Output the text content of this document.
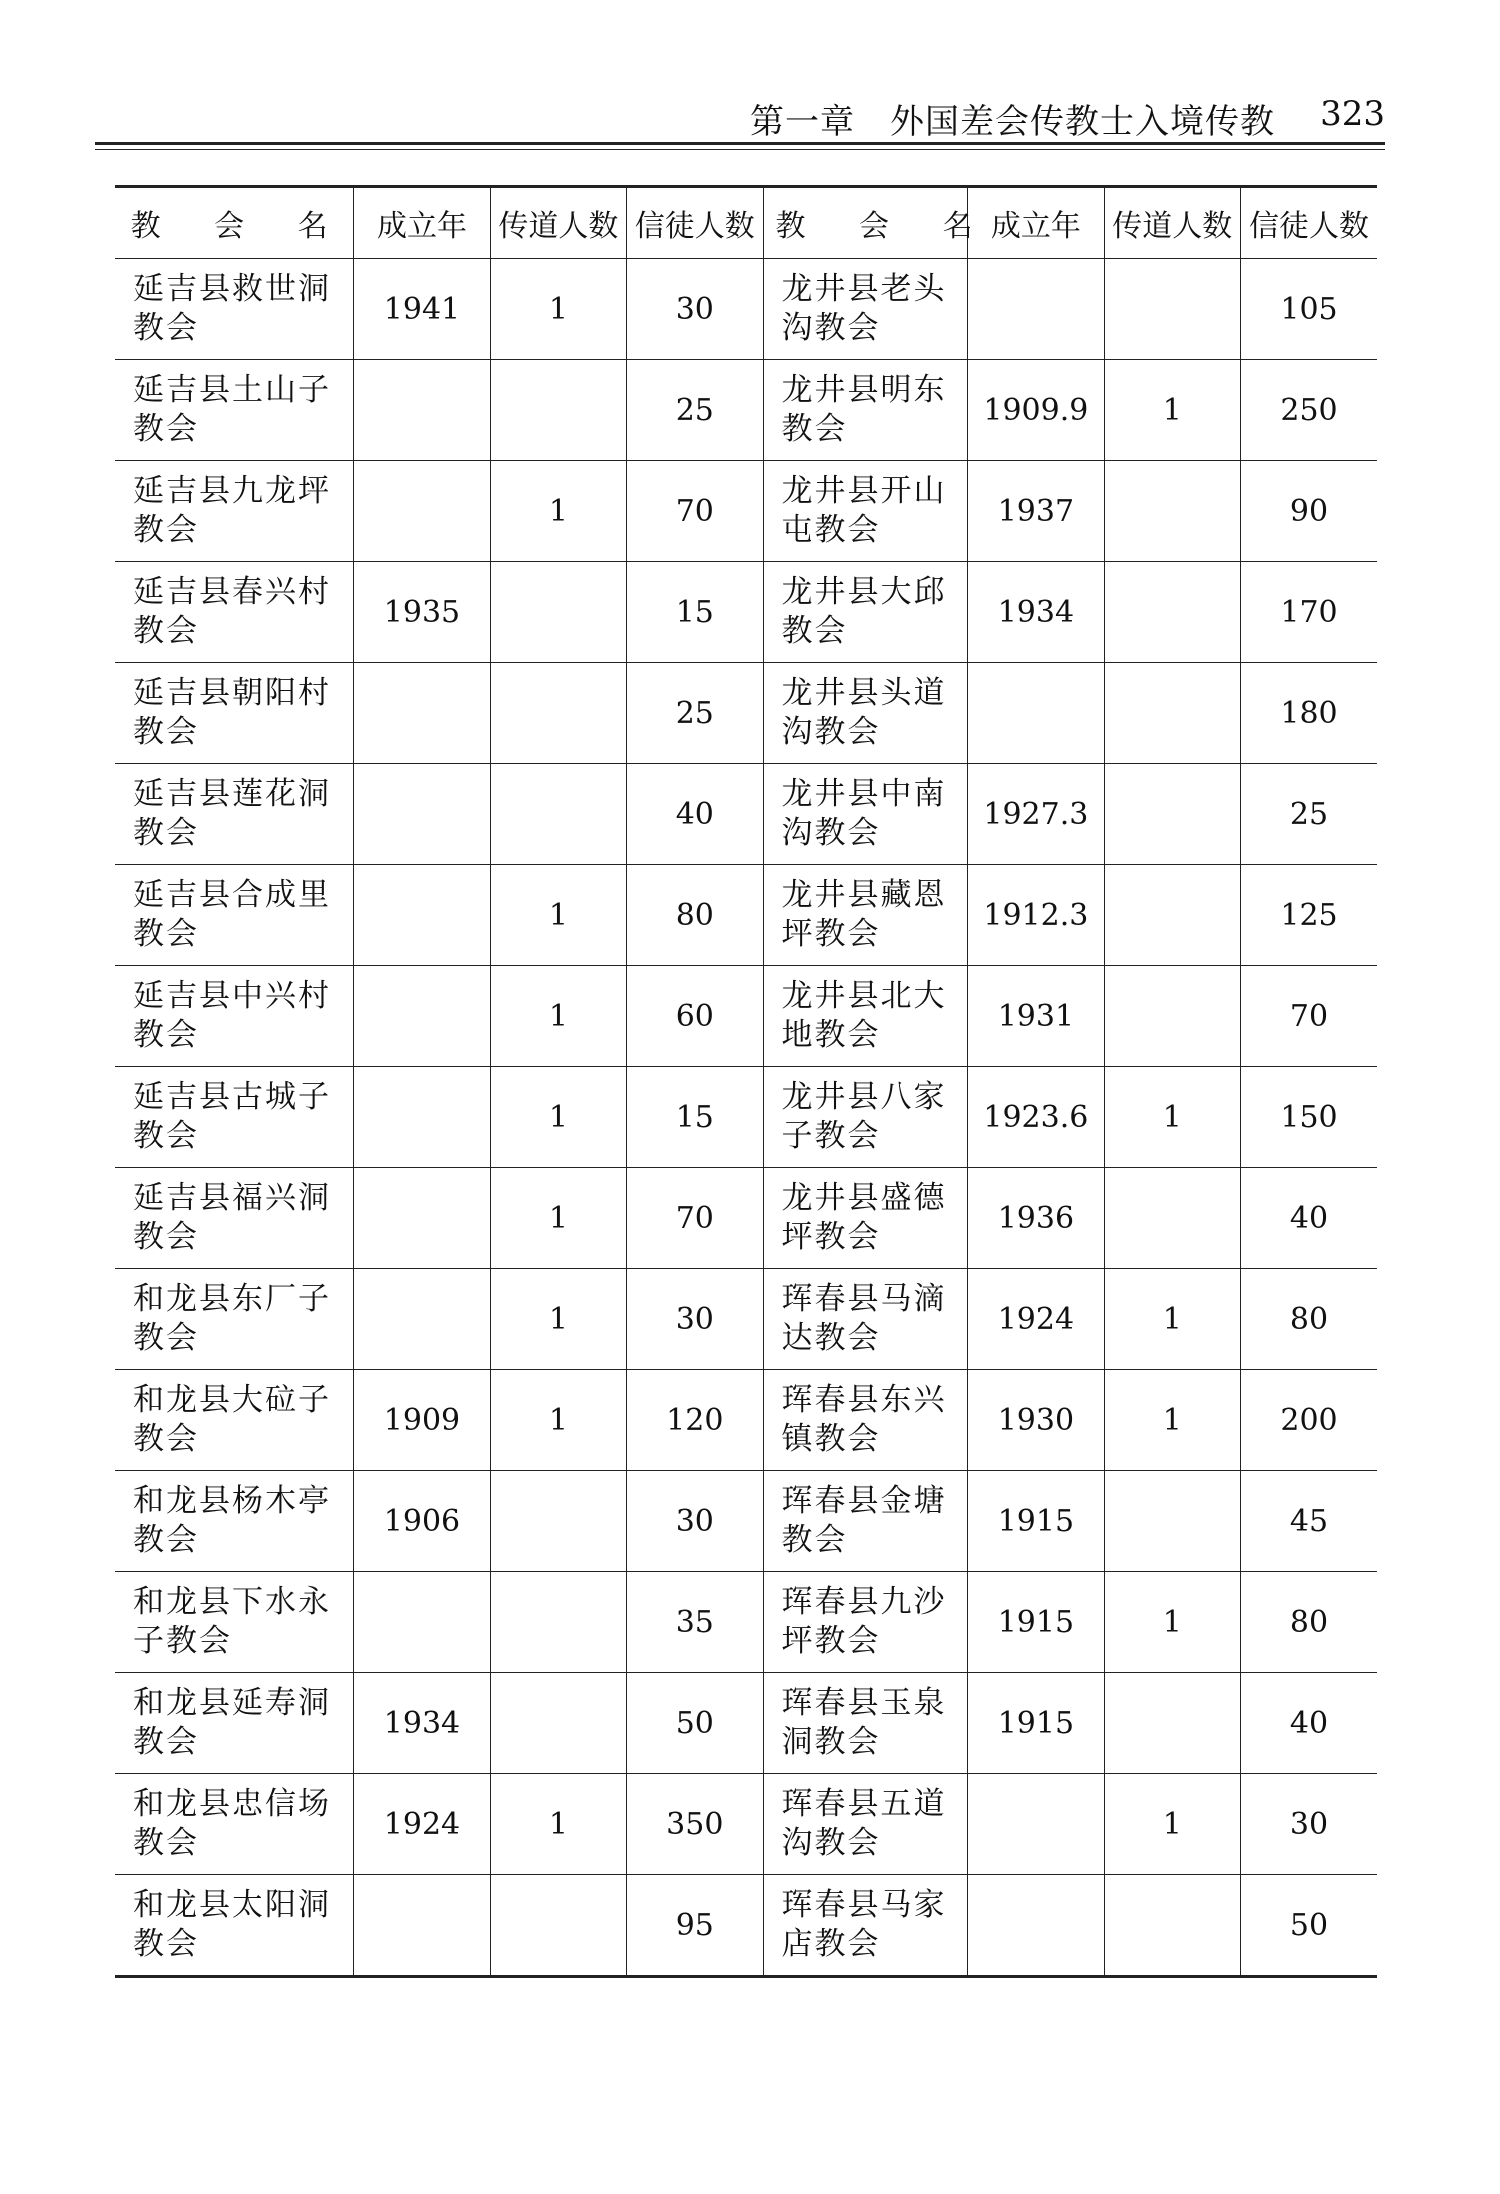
第一章　外国差会传教士入境传教 323
教 会 名	成立年	传道人数	信徒人数	教 会 名	成立年	传道人数	信徒人数
延吉县救世洞教会	1941	1	30	龙井县老头沟教会			105
延吉县土山子教会			25	龙井县明东教会	1909.9	1	250
延吉县九龙坪教会		1	70	龙井县开山屯教会	1937		90
延吉县春兴村教会	1935		15	龙井县大邱教会	1934		170
延吉县朝阳村教会			25	龙井县头道沟教会			180
延吉县莲花洞教会			40	龙井县中南沟教会	1927.3		25
延吉县合成里教会		1	80	龙井县藏恩坪教会	1912.3		125
延吉县中兴村教会		1	60	龙井县北大地教会	1931		70
延吉县古城子教会		1	15	龙井县八家子教会	1923.6	1	150
延吉县福兴洞教会		1	70	龙井县盛德坪教会	1936		40
和龙县东厂子教会		1	30	珲春县马滴达教会	1924	1	80
和龙县大砬子教会	1909	1	120	珲春县东兴镇教会	1930	1	200
和龙县杨木亭教会	1906		30	珲春县金塘教会	1915		45
和龙县下水永子教会			35	珲春县九沙坪教会	1915	1	80
和龙县延寿洞教会	1934		50	珲春县玉泉洞教会	1915		40
和龙县忠信场教会	1924	1	350	珲春县五道沟教会		1	30
和龙县太阳洞教会			95	珲春县马家店教会			50
